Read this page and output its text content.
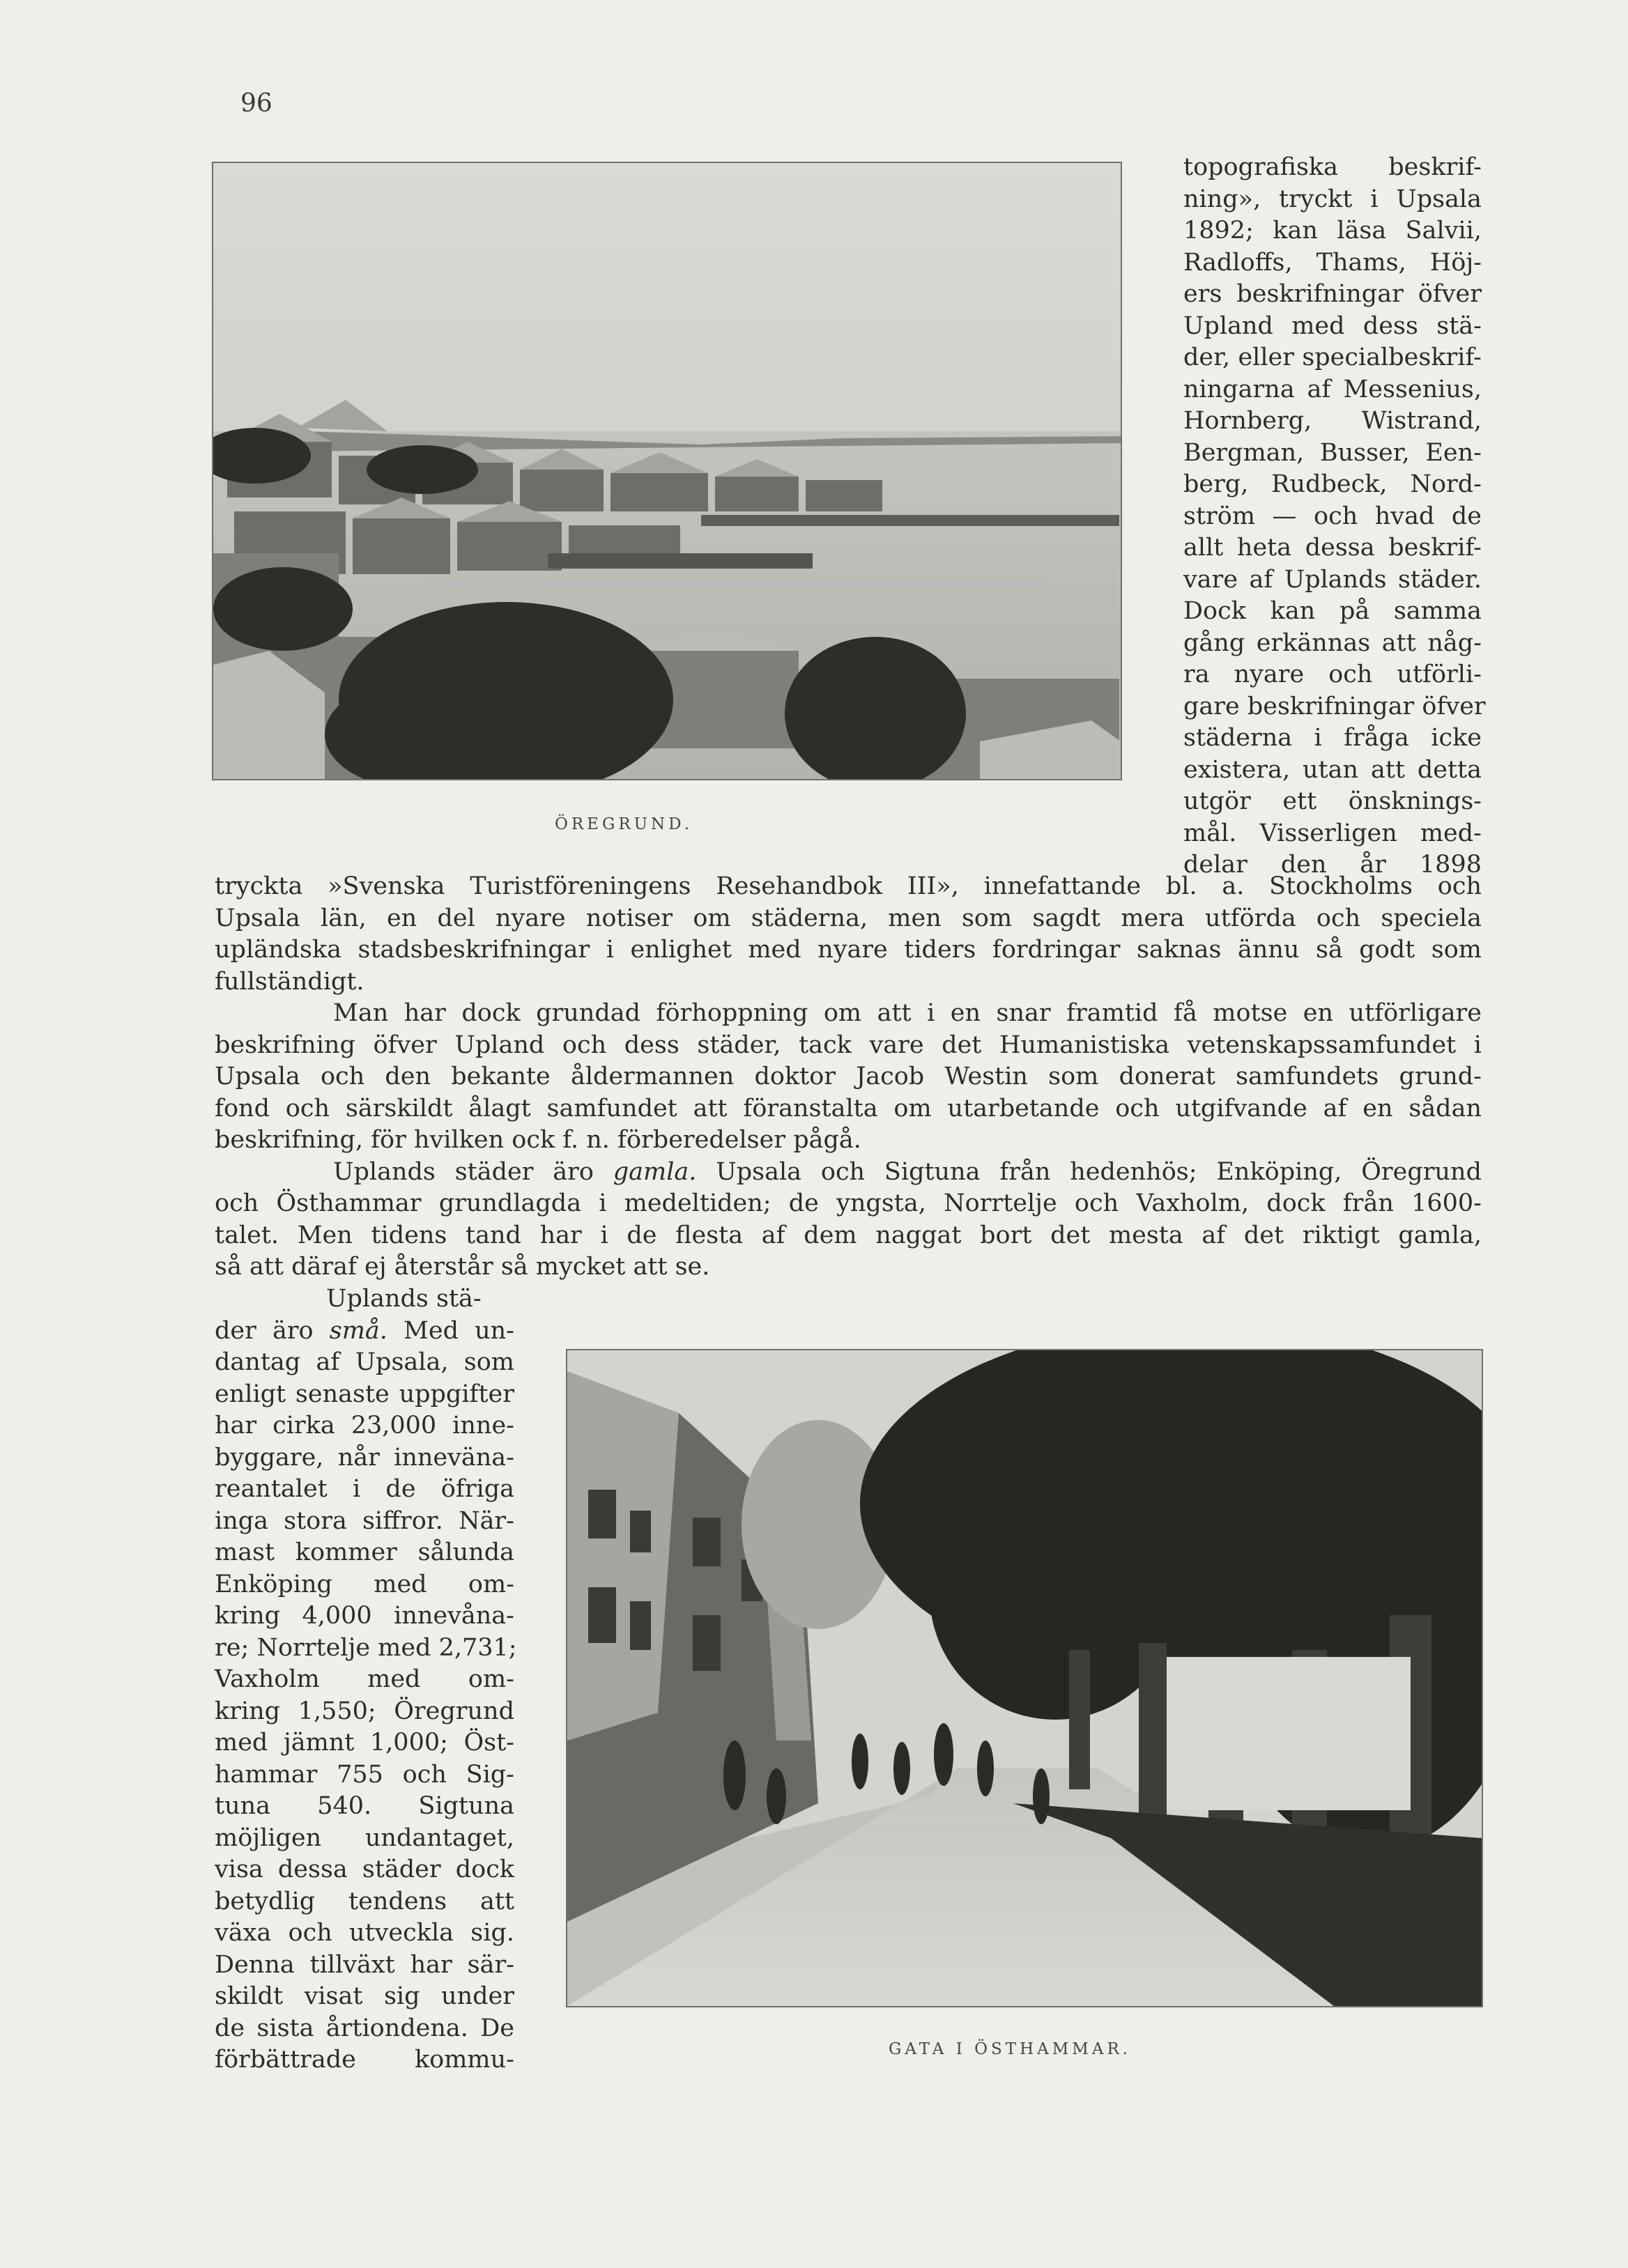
96
ÖREGRUND.

topografiska beskrif-

ning», tryckt i Upsala

1892; kan läsa Salvii,

Radloffs, Thams, Höj-

ers beskrifningar öfver

Upland med dess stä-

der, eller specialbeskrif-

ningarna af Messenius,

Hornberg, Wistrand,

Bergman, Busser, Een-

berg, Rudbeck, Nord-

ström — och hvad de

allt heta dessa beskrif-

vare af Uplands städer.

Dock kan på samma

gång erkännas att någ-

ra nyare och utförli-

gare beskrifningar öfver

städerna i fråga icke

existera, utan att detta

utgör ett önsknings-

mål. Visserligen med-

delar den år 1898

tryckta »Svenska Turistföreningens Resehandbok III», innefattande bl. a. Stockholms och

Upsala län, en del nyare notiser om städerna, men som sagdt mera utförda och speciela

upländska stadsbeskrifningar i enlighet med nyare tiders fordringar saknas ännu så godt som

fullständigt.

Man har dock grundad förhoppning om att i en snar framtid få motse en utförligare

beskrifning öfver Upland och dess städer, tack vare det Humanistiska vetenskapssamfundet i

Upsala och den bekante åldermannen doktor Jacob Westin som donerat samfundets grund-

fond och särskildt ålagt samfundet att föranstalta om utarbetande och utgifvande af en sådan

beskrifning, för hvilken ock f. n. förberedelser pågå.

Uplands städer äro gamla. Upsala och Sigtuna från hedenhös; Enköping, Öregrund

och Östhammar grundlagda i medeltiden; de yngsta, Norrtelje och Vaxholm, dock från 1600-

talet. Men tidens tand har i de flesta af dem naggat bort det mesta af det riktigt gamla,

så att däraf ej återstår så mycket att se.

Uplands stä-

der äro små. Med un-

dantag af Upsala, som

enligt senaste uppgifter

har cirka 23,000 inne-

byggare, når inneväna-

reantalet i de öfriga

inga stora siffror. När-

mast kommer sålunda

Enköping med om-

kring 4,000 innevåna-

re; Norrtelje med 2,731;

Vaxholm med om-

kring 1,550; Öregrund

med jämnt 1,000; Öst-

hammar 755 och Sig-

tuna 540. Sigtuna

möjligen undantaget,

visa dessa städer dock

betydlig tendens att

växa och utveckla sig.

Denna tillväxt har sär-

skildt visat sig under

de sista årtiondena. De

förbättrade kommu-	GATA I ÖSTHAMMAR.
